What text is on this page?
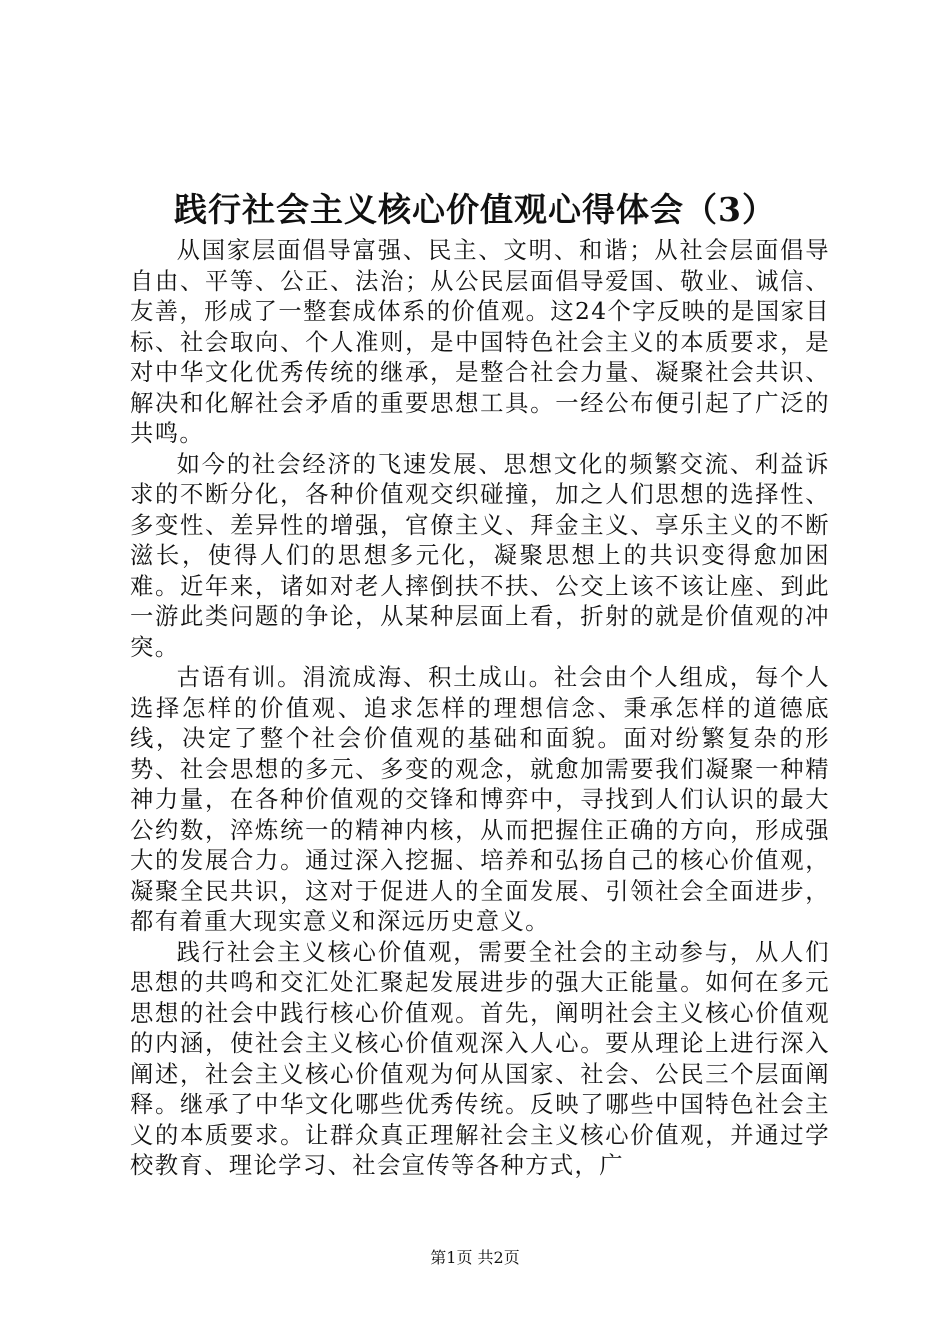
践行社会主义核心价值观心得体会（3）

从国家层面倡导富强、民主、文明、和谐；从社会层面倡导自由、平等、公正、法治；从公民层面倡导爱国、敬业、诚信、友善，形成了一整套成体系的价值观。这24个字反映的是国家目标、社会取向、个人准则，是中国特色社会主义的本质要求，是对中华文化优秀传统的继承，是整合社会力量、凝聚社会共识、解决和化解社会矛盾的重要思想工具。一经公布便引起了广泛的共鸣。

如今的社会经济的飞速发展、思想文化的频繁交流、利益诉求的不断分化，各种价值观交织碰撞，加之人们思想的选择性、多变性、差异性的增强，官僚主义、拜金主义、享乐主义的不断滋长，使得人们的思想多元化，凝聚思想上的共识变得愈加困难。近年来，诸如对老人摔倒扶不扶、公交上该不该让座、到此一游此类问题的争论，从某种层面上看，折射的就是价值观的冲突。

古语有训。涓流成海、积土成山。社会由个人组成，每个人选择怎样的价值观、追求怎样的理想信念、秉承怎样的道德底线，决定了整个社会价值观的基础和面貌。面对纷繁复杂的形势、社会思想的多元、多变的观念，就愈加需要我们凝聚一种精神力量，在各种价值观的交锋和博弈中，寻找到人们认识的最大公约数，淬炼统一的精神内核，从而把握住正确的方向，形成强大的发展合力。通过深入挖掘、培养和弘扬自己的核心价值观，凝聚全民共识，这对于促进人的全面发展、引领社会全面进步，都有着重大现实意义和深远历史意义。

践行社会主义核心价值观，需要全社会的主动参与，从人们思想的共鸣和交汇处汇聚起发展进步的强大正能量。如何在多元思想的社会中践行核心价值观。首先，阐明社会主义核心价值观的内涵，使社会主义核心价值观深入人心。要从理论上进行深入阐述，社会主义核心价值观为何从国家、社会、公民三个层面阐释。继承了中华文化哪些优秀传统。反映了哪些中国特色社会主义的本质要求。让群众真正理解社会主义核心价值观，并通过学校教育、理论学习、社会宣传等各种方式，广

第1页 共2页
